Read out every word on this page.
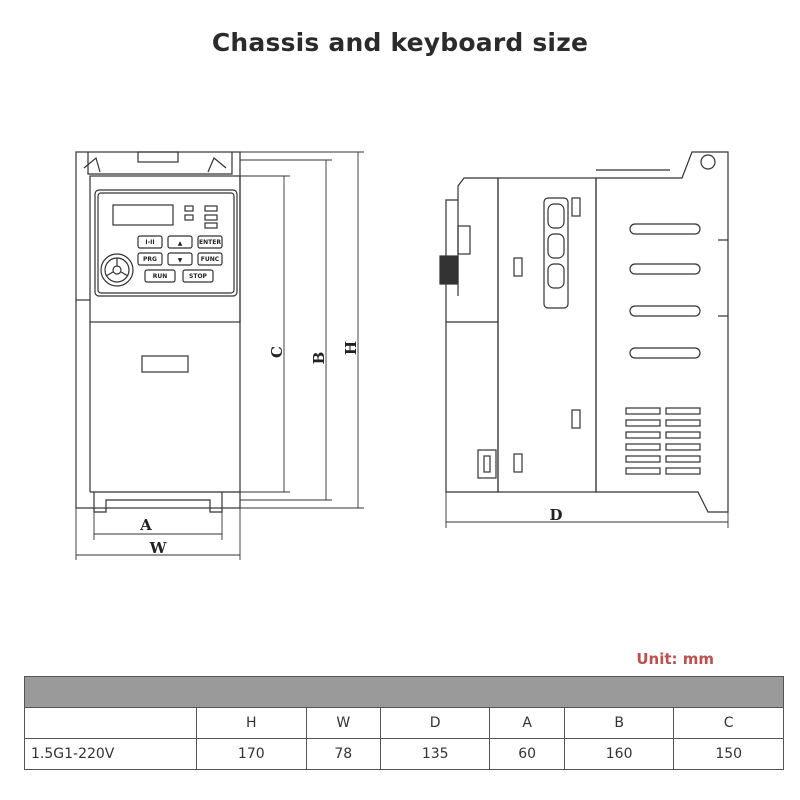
Chassis and keyboard size
A
W
C B
H
D
I-II	▲	ENTER
PRG	▼	FUNC
RUN	STOP
Unit: mm

	H	W	D	A	B	C
1.5G1-220V	170	78	135	60	160	150
